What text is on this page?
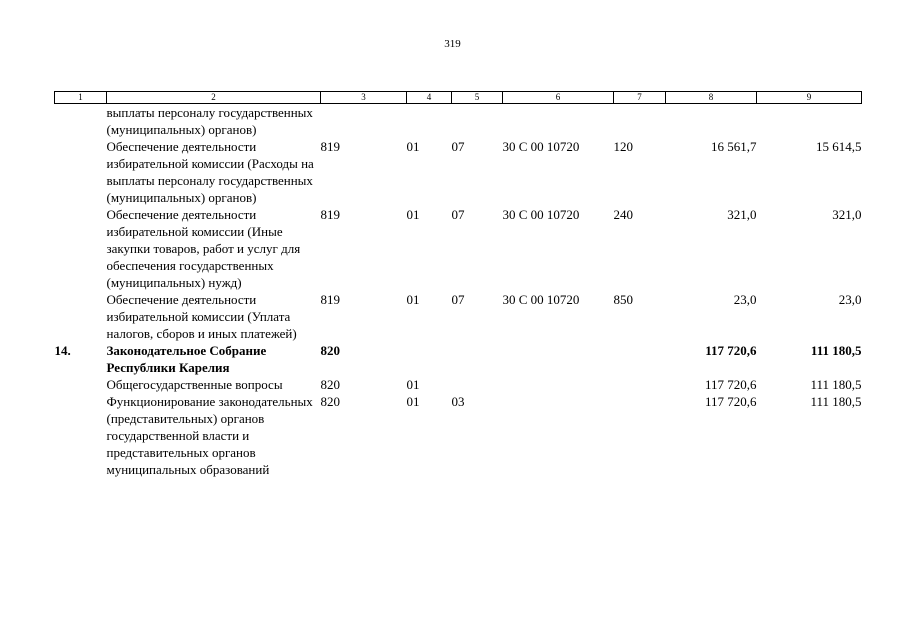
319
1	2	3	4	5	6	7	8	9
	выплаты персоналу государственных (муниципальных) органов)							
	Обеспечение деятельности избирательной комиссии (Расходы на выплаты персоналу государственных (муниципальных) органов)	819	01	07	30 С 00 10720	120	16 561,7	15 614,5
	Обеспечение деятельности избирательной комиссии (Иные закупки товаров, работ и услуг для обеспечения государственных (муниципальных) нужд)	819	01	07	30 С 00 10720	240	321,0	321,0
	Обеспечение деятельности избирательной комиссии (Уплата налогов, сборов и иных платежей)	819	01	07	30 С 00 10720	850	23,0	23,0
14.	Законодательное Собрание Республики Карелия	820					117 720,6	111 180,5
	Общегосударственные вопросы	820	01				117 720,6	111 180,5
	Функционирование законодательных (представительных) органов государственной власти и представительных органов муниципальных образований	820	01	03			117 720,6	111 180,5
